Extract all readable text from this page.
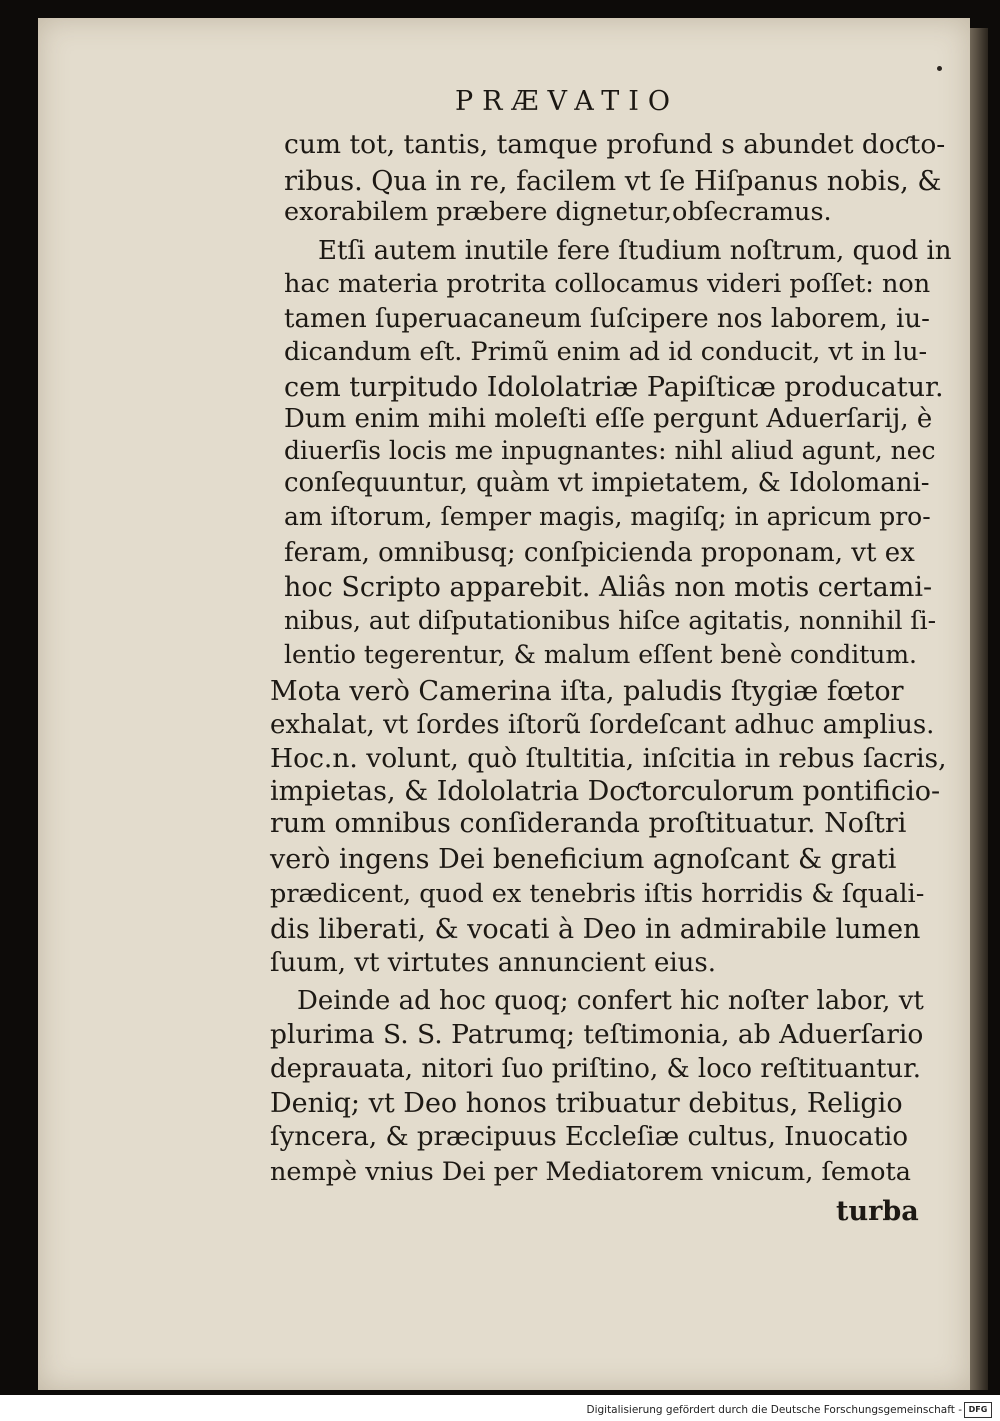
PRÆVATIO
cum tot, tantis, tamque profund s abundet doƈto-
ribus. Qua in re, facilem vt ſe Hiſpanus nobis, &
exorabilem præbere dignetur,obſecramus.
Etſi autem inutile fere ſtudium noſtrum, quod in
hac materia protrita collocamus videri poſſet: non
tamen ſuperuacaneum ſuſcipere nos laborem, iu-
dicandum eſt. Primũ enim ad id conducit, vt in lu-
cem turpitudo Idololatriæ Papiſticæ producatur.
Dum enim mihi moleſti eſſe pergunt Aduerſarij, è
diuerſis locis me inpugnantes: nihl aliud agunt, nec
conſequuntur, quàm vt impietatem, & Idolomani-
am iſtorum, ſemper magis, magiſq; in apricum pro-
feram, omnibusq; conſpicienda proponam, vt ex
hoc Scripto apparebit. Aliâs non motis certami-
nibus, aut diſputationibus hiſce agitatis, nonnihil ſi-
lentio tegerentur, & malum eſſent benè conditum.
Mota verò Camerina iſta, paludis ſtygiæ fœtor
exhalat, vt ſordes iſtorũ ſordeſcant adhuc amplius.
Hoc.n. volunt, quò ſtultitia, inſcitia in rebus ſacris,
impietas, & Idololatria Doƈtorculorum pontificio-
rum omnibus conſideranda proſtituatur. Noſtri
verò ingens Dei beneficium agnoſcant & grati
prædicent, quod ex tenebris iſtis horridis & ſquali-
dis liberati, & vocati à Deo in admirabile lumen
ſuum, vt virtutes annuncient eius.
Deinde ad hoc quoq; confert hic noſter labor, vt
plurima S. S. Patrumq; teſtimonia, ab Aduerſario
deprauata, nitori ſuo priſtino, & loco reſtituantur.
Deniq; vt Deo honos tribuatur debitus, Religio
ſyncera, & præcipuus Eccleſiæ cultus, Inuocatio
nempè vnius Dei per Mediatorem vnicum, ſemota
turba
Digitalisierung gefördert durch die Deutsche Forschungsgemeinschaft - DFG
